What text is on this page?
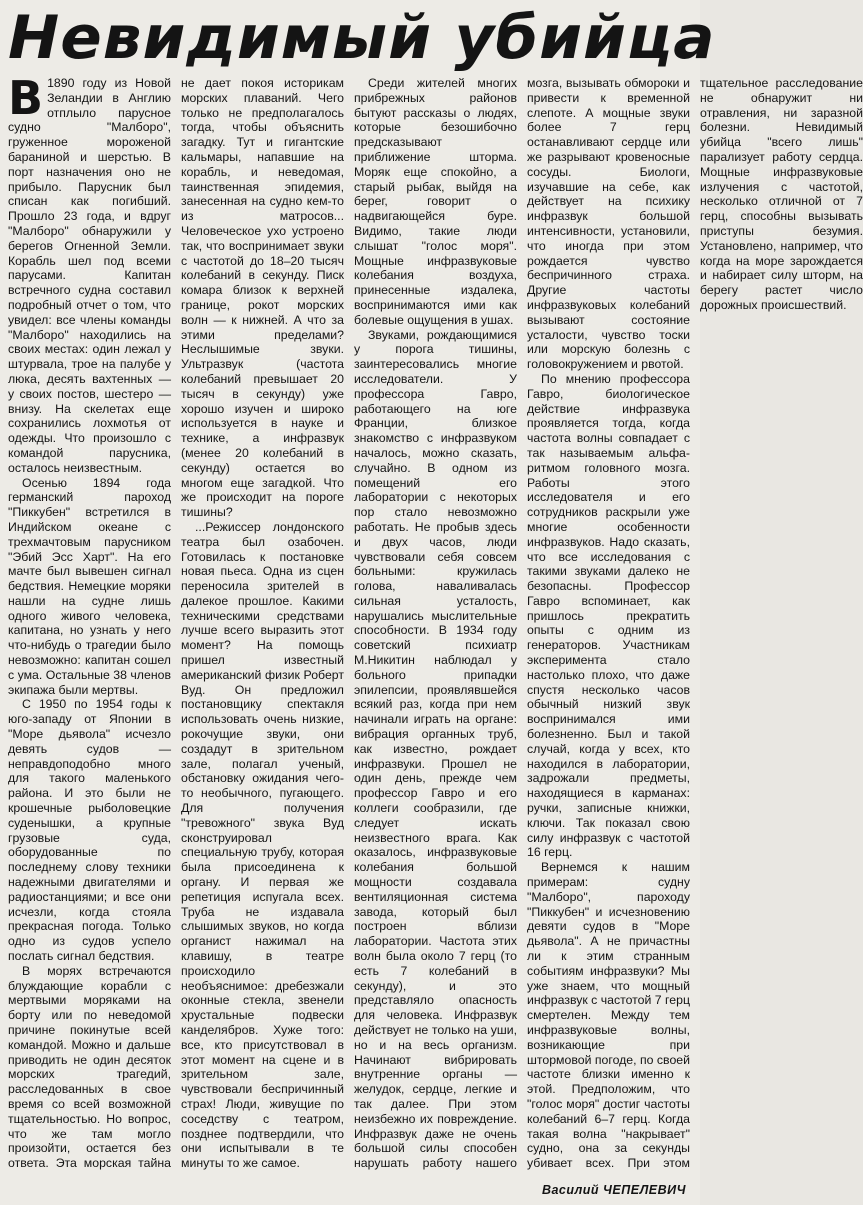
Невидимый убийца

В 1890 году из Новой Зеландии в Англию отплыло парусное судно "Малборо", груженное мороженой бараниной и шерстью. В порт назначения оно не прибыло. Парусник был списан как погибший. Прошло 23 года, и вдруг "Малборо" обнаружили у берегов Огненной Земли. Корабль шел под всеми парусами. Капитан встречного судна составил подробный отчет о том, что увидел: все члены команды "Малборо" находились на своих местах: один лежал у штурвала, трое на палубе у люка, десять вахтенных — у своих постов, шестеро — внизу. На скелетах еще сохранились лохмотья от одежды. Что произошло с командой парусника, осталось неизвестным.

Осенью 1894 года германский пароход "Пиккубен" встретился в Индийском океане с трехмачтовым парусником "Эбий Эсс Харт". На его мачте был вывешен сигнал бедствия. Немецкие моряки нашли на судне лишь одного живого человека, капитана, но узнать у него что-нибудь о трагедии было невозможно: капитан сошел с ума. Остальные 38 членов экипажа были мертвы.

С 1950 по 1954 годы к юго-западу от Японии в "Море дьявола" исчезло девять судов — неправдоподобно много для такого маленького района. И это были не крошечные рыболовецкие суденышки, а крупные грузовые суда, оборудованные по последнему слову техники надежными двигателями и радиостанциями; и все они исчезли, когда стояла прекрасная погода. Только одно из судов успело послать сигнал бедствия.

В морях встречаются блуждающие корабли с мертвыми моряками на борту или по неведомой причине покинутые всей командой. Можно и дальше приводить не один десяток морских трагедий, расследованных в свое время со всей возможной тщательностью. Но вопрос, что же там могло произойти, остается без ответа. Эта морская тайна не дает покоя историкам морских плаваний. Чего только не предполагалось тогда, чтобы объяснить загадку. Тут и гигантские кальмары, напавшие на корабль, и неведомая, таинственная эпидемия, занесенная на судно кем-то из матросов... Человеческое ухо устроено так, что воспринимает звуки с частотой до 18–20 тысяч колебаний в секунду. Писк комара близок к верхней границе, рокот морских волн — к нижней. А что за этими пределами? Неслышимые звуки. Ультразвук (частота колебаний превышает 20 тысяч в секунду) уже хорошо изучен и широко используется в науке и технике, а инфразвук (менее 20 колебаний в секунду) остается во многом еще загадкой. Что же происходит на пороге тишины?

...Режиссер лондонского театра был озабочен. Готовилась к постановке новая пьеса. Одна из сцен переносила зрителей в далекое прошлое. Какими техническими средствами лучше всего выразить этот момент? На помощь пришел известный американский физик Роберт Вуд. Он предложил постановщику спектакля использовать очень низкие, рокочущие звуки, они создадут в зрительном зале, полагал ученый, обстановку ожидания чего-то необычного, пугающего. Для получения "тревожного" звука Вуд сконструировал специальную трубу, которая была присоединена к органу. И первая же репетиция испугала всех. Труба не издавала слышимых звуков, но когда органист нажимал на клавишу, в театре происходило необъяснимое: дребезжали оконные стекла, звенели хрустальные подвески канделябров. Хуже того: все, кто присутствовал в этот момент на сцене и в зрительном зале, чувствовали беспричинный страх! Люди, живущие по соседству с театром, позднее подтвердили, что они испытывали в те минуты то же самое.

Среди жителей многих прибрежных районов бытуют рассказы о людях, которые безошибочно предсказывают приближение шторма. Моряк еще спокойно, а старый рыбак, выйдя на берег, говорит о надвигающейся буре. Видимо, такие люди слышат "голос моря". Мощные инфразвуковые колебания воздуха, принесенные издалека, воспринимаются ими как болевые ощущения в ушах.

Звуками, рождающимися у порога тишины, заинтересовались многие исследователи. У профессора Гавро, работающего на юге Франции, близкое знакомство с инфразвуком началось, можно сказать, случайно. В одном из помещений его лаборатории с некоторых пор стало невозможно работать. Не пробыв здесь и двух часов, люди чувствовали себя совсем больными: кружилась голова, наваливалась сильная усталость, нарушались мыслительные способности. В 1934 году советский психиатр М.Никитин наблюдал у больного припадки эпилепсии, проявлявшейся всякий раз, когда при нем начинали играть на органе: вибрация органных труб, как известно, рождает инфразвуки. Прошел не один день, прежде чем профессор Гавро и его коллеги сообразили, где следует искать неизвестного врага. Как оказалось, инфразвуковые колебания большой мощности создавала вентиляционная система завода, который был построен вблизи лаборатории. Частота этих волн была около 7 герц (то есть 7 колебаний в секунду), и это представляло опасность для человека. Инфразвук действует не только на уши, но и на весь организм. Начинают вибрировать внутренние органы — желудок, сердце, легкие и так далее. При этом неизбежно их повреждение. Инфразвук даже не очень большой силы способен нарушать работу нашего мозга, вызывать обмороки и привести к временной слепоте. А мощные звуки более 7 герц останавливают сердце или же разрывают кровеносные сосуды. Биологи, изучавшие на себе, как действует на психику инфразвук большой интенсивности, установили, что иногда при этом рождается чувство беспричинного страха. Другие частоты инфразвуковых колебаний вызывают состояние усталости, чувство тоски или морскую болезнь с головокружением и рвотой.

По мнению профессора Гавро, биологическое действие инфразвука проявляется тогда, когда частота волны совпадает с так называемым альфа-ритмом головного мозга. Работы этого исследователя и его сотрудников раскрыли уже многие особенности инфразвуков. Надо сказать, что все исследования с такими звуками далеко не безопасны. Профессор Гавро вспоминает, как пришлось прекратить опыты с одним из генераторов. Участникам эксперимента стало настолько плохо, что даже спустя несколько часов обычный низкий звук воспринимался ими болезненно. Был и такой случай, когда у всех, кто находился в лаборатории, задрожали предметы, находящиеся в карманах: ручки, записные книжки, ключи. Так показал свою силу инфразвук с частотой 16 герц.

Вернемся к нашим примерам: судну "Малборо", пароходу "Пиккубен" и исчезновению девяти судов в "Море дьявола". А не причастны ли к этим странным событиям инфразвуки? Мы уже знаем, что мощный инфразвук с частотой 7 герц смертелен. Между тем инфразвуковые волны, возникающие при штормовой погоде, по своей частоте близки именно к этой. Предположим, что "голос моря" достиг частоты колебаний 6–7 герц. Когда такая волна "накрывает" судно, она за секунды убивает всех. При этом тщательное расследование не обнаружит ни отравления, ни заразной болезни. Невидимый убийца "всего лишь" парализует работу сердца. Мощные инфразвуковые излучения с частотой, несколько отличной от 7 герц, способны вызывать приступы безумия. Установлено, например, что когда на море зарождается и набирает силу шторм, на берегу растет число дорожных происшествий.

Василий ЧЕПЕЛЕВИЧ
